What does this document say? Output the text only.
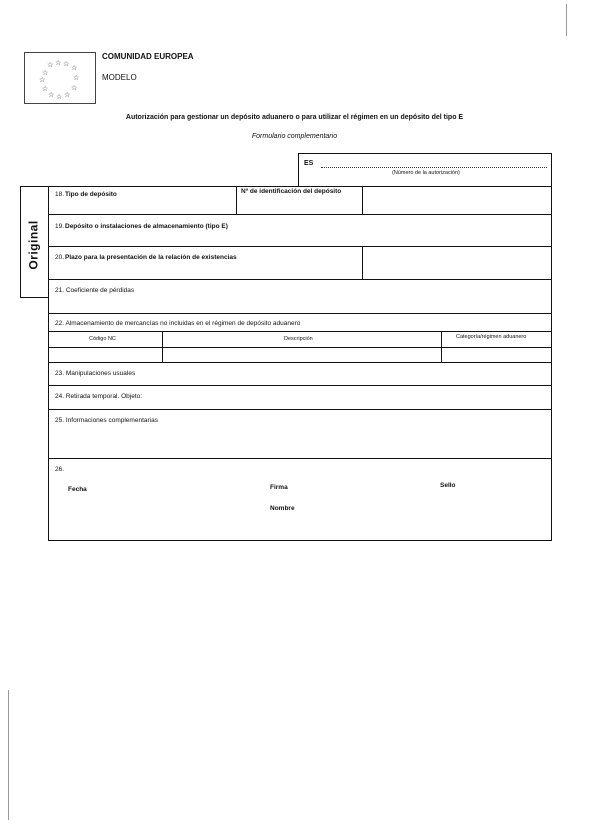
☆ ☆
☆	☆
☆
☆
☆
☆
☆
☆ ☆ ☆
COMUNIDAD EUROPEA
MODELO
Autorización para gestionar un depósito aduanero o para utilizar el régimen en un depósito del tipo E
Formulario complementario
ES
(Número de la autorización)
Original
18. Tipo de depósito	Nº de identificación del depósito
19. Depósito o instalaciones de almacenamiento (tipo E)
20. Plazo para la presentación de la relación de existencias
21. Coeficiente de pérdidas
22. Almacenamiento de mercancías no incluidas en el régimen de depósito aduanero
Código NC	Descripción	Categoría/régimen aduanero
23. Manipulaciones usuales
24. Retirada temporal. Objeto:
25. Informaciones complementarias
26.
Fecha	Firma	Sello
Nombre
